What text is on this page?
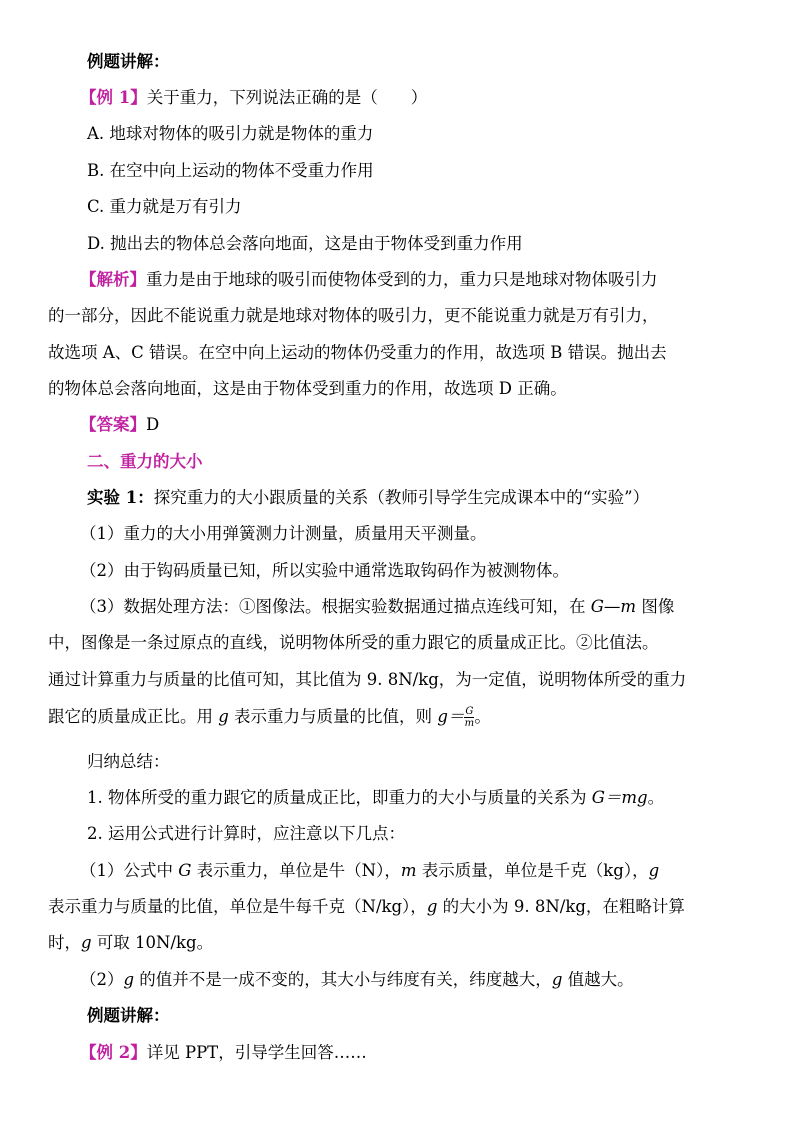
例题讲解：
【例 1】关于重力，下列说法正确的是（　　）
A. 地球对物体的吸引力就是物体的重力
B. 在空中向上运动的物体不受重力作用
C. 重力就是万有引力
D. 抛出去的物体总会落向地面，这是由于物体受到重力作用
【解析】重力是由于地球的吸引而使物体受到的力，重力只是地球对物体吸引力
的一部分，因此不能说重力就是地球对物体的吸引力，更不能说重力就是万有引力，
故选项 A、C 错误。在空中向上运动的物体仍受重力的作用，故选项 B 错误。抛出去
的物体总会落向地面，这是由于物体受到重力的作用，故选项 D 正确。
【答案】D
二、重力的大小
实验 1：探究重力的大小跟质量的关系（教师引导学生完成课本中的“实验”）
（1）重力的大小用弹簧测力计测量，质量用天平测量。
（2）由于钩码质量已知，所以实验中通常选取钩码作为被测物体。
（3）数据处理方法：①图像法。根据实验数据通过描点连线可知，在 G—m 图像
中，图像是一条过原点的直线，说明物体所受的重力跟它的质量成正比。②比值法。
通过计算重力与质量的比值可知，其比值为 9. 8N/kg，为一定值，说明物体所受的重力
跟它的质量成正比。用 g 表示重力与质量的比值，则 $g= \frac{G}{m}$ 。
归纳总结：
1. 物体所受的重力跟它的质量成正比，即重力的大小与质量的关系为 G＝mg。
2. 运用公式进行计算时，应注意以下几点：
（1）公式中 G 表示重力，单位是牛（N），m 表示质量，单位是千克（kg），g
表示重力与质量的比值，单位是牛每千克（N/kg），g 的大小为 9. 8N/kg，在粗略计算
时，g 可取 10N/kg。
（2）g 的值并不是一成不变的，其大小与纬度有关，纬度越大，g 值越大。
例题讲解：
【例 2】详见 PPT，引导学生回答……
